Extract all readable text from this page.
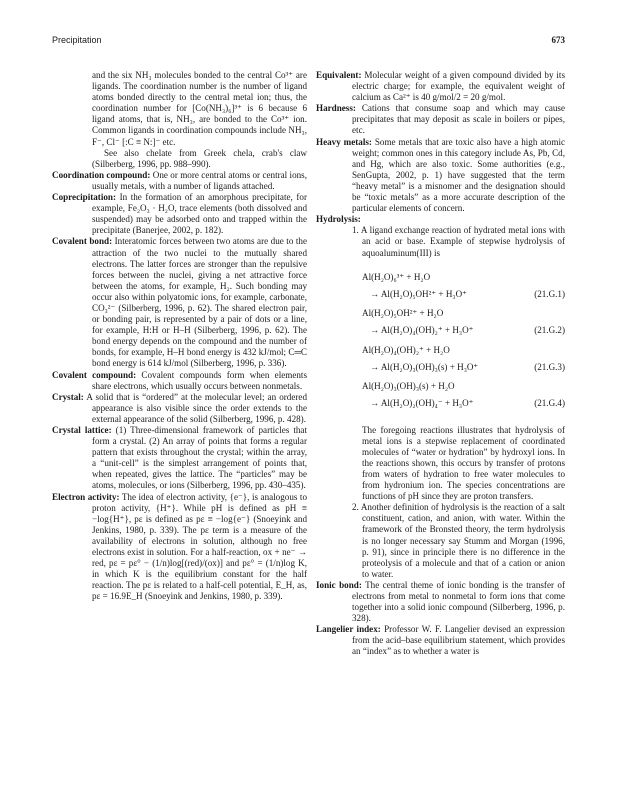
Precipitation	673

and the six NH₃ molecules bonded to the central Co³⁺ are ligands. The coordination number is the number of ligand atoms bonded directly to the central metal ion; thus, the coordination number for [Co(NH₃)₆]³⁺ is 6 because 6 ligand atoms, that is, NH₃, are bonded to the Co³⁺ ion. Common ligands in coordination compounds include NH₃, F⁻, Cl⁻ [:C ≡ N:]⁻ etc.

See also chelate from Greek chela, crab's claw (Silberberg, 1996, pp. 988–990).

Coordination compound: One or more central atoms or central ions, usually metals, with a number of ligands attached.

Coprecipitation: In the formation of an amorphous precipitate, for example, Fe₂O₃ · H₂O, trace elements (both dissolved and suspended) may be adsorbed onto and trapped within the precipitate (Banerjee, 2002, p. 182).

Covalent bond: Interatomic forces between two atoms are due to the attraction of the two nuclei to the mutually shared electrons. The latter forces are stronger than the repulsive forces between the nuclei, giving a net attractive force between the atoms, for example, H₂. Such bonding may occur also within polyatomic ions, for example, carbonate, CO₃²⁻ (Silberberg, 1996, p. 62). The shared electron pair, or bonding pair, is represented by a pair of dots or a line, for example, H:H or H–H (Silberberg, 1996, p. 62). The bond energy depends on the compound and the number of bonds, for example, H–H bond energy is 432 kJ/mol; C═C bond energy is 614 kJ/mol (Silberberg, 1996, p. 336).

Covalent compound: Covalent compounds form when elements share electrons, which usually occurs between nonmetals.

Crystal: A solid that is “ordered” at the molecular level; an ordered appearance is also visible since the order extends to the external appearance of the solid (Silberberg, 1996, p. 428).

Crystal lattice: (1) Three-dimensional framework of particles that form a crystal. (2) An array of points that forms a regular pattern that exists throughout the crystal; within the array, a “unit-cell” is the simplest arrangement of points that, when repeated, gives the lattice. The “particles” may be atoms, molecules, or ions (Silberberg, 1996, pp. 430–435).

Electron activity: The idea of electron activity, {e⁻}, is analogous to proton activity, {H⁺}. While pH is defined as pH ≡ −log{H⁺}, pε is defined as pε ≡ −log{e⁻} (Snoeyink and Jenkins, 1980, p. 339). The pε term is a measure of the availability of electrons in solution, although no free electrons exist in solution. For a half-reaction, ox + ne⁻ → red, pε = pε° − (1/n)log[(red)/(ox)] and pε° = (1/n)log K, in which K is the equilibrium constant for the half reaction. The pε is related to a half-cell potential, E_H, as, pε = 16.9E_H (Snoeyink and Jenkins, 1980, p. 339).

Equivalent: Molecular weight of a given compound divided by its electric charge; for example, the equivalent weight of calcium as Ca²⁺ is 40 g/mol/2 = 20 g/mol.

Hardness: Cations that consume soap and which may cause precipitates that may deposit as scale in boilers or pipes, etc.

Heavy metals: Some metals that are toxic also have a high atomic weight; common ones in this category include As, Pb, Cd, and Hg, which are also toxic. Some authorities (e.g., SenGupta, 2002, p. 1) have suggested that the term “heavy metal” is a misnomer and the designation should be “toxic metals” as a more accurate description of the particular elements of concern.

Hydrolysis:

1. A ligand exchange reaction of hydrated metal ions with an acid or base. Example of stepwise hydrolysis of aquoaluminum(III) is

Al(H₂O)₆³⁺ + H₂O
→ Al(H₂O)₅OH²⁺ + H₃O⁺	(21.G.1)
Al(H₂O)₅OH²⁺ + H₂O
→ Al(H₂O)₄(OH)₂⁺ + H₃O⁺	(21.G.2)
Al(H₂O)₄(OH)₂⁺ + H₂O
→ Al(H₂O)₃(OH)₃(s) + H₃O⁺	(21.G.3)
Al(H₂O)₃(OH)₃(s) + H₂O
→ Al(H₂O)₂(OH)₄⁻ + H₃O⁺	(21.G.4)

The foregoing reactions illustrates that hydrolysis of metal ions is a stepwise replacement of coordinated molecules of “water or hydration” by hydroxyl ions. In the reactions shown, this occurs by transfer of protons from waters of hydration to free water molecules to from hydronium ion. The species concentrations are functions of pH since they are proton transfers.

2. Another definition of hydrolysis is the reaction of a salt constituent, cation, and anion, with water. Within the framework of the Bronsted theory, the term hydrolysis is no longer necessary say Stumm and Morgan (1996, p. 91), since in principle there is no difference in the proteolysis of a molecule and that of a cation or anion to water.

Ionic bond: The central theme of ionic bonding is the transfer of electrons from metal to nonmetal to form ions that come together into a solid ionic compound (Silberberg, 1996, p. 328).

Langelier index: Professor W. F. Langelier devised an expression from the acid–base equilibrium statement, which provides an “index” as to whether a water is
